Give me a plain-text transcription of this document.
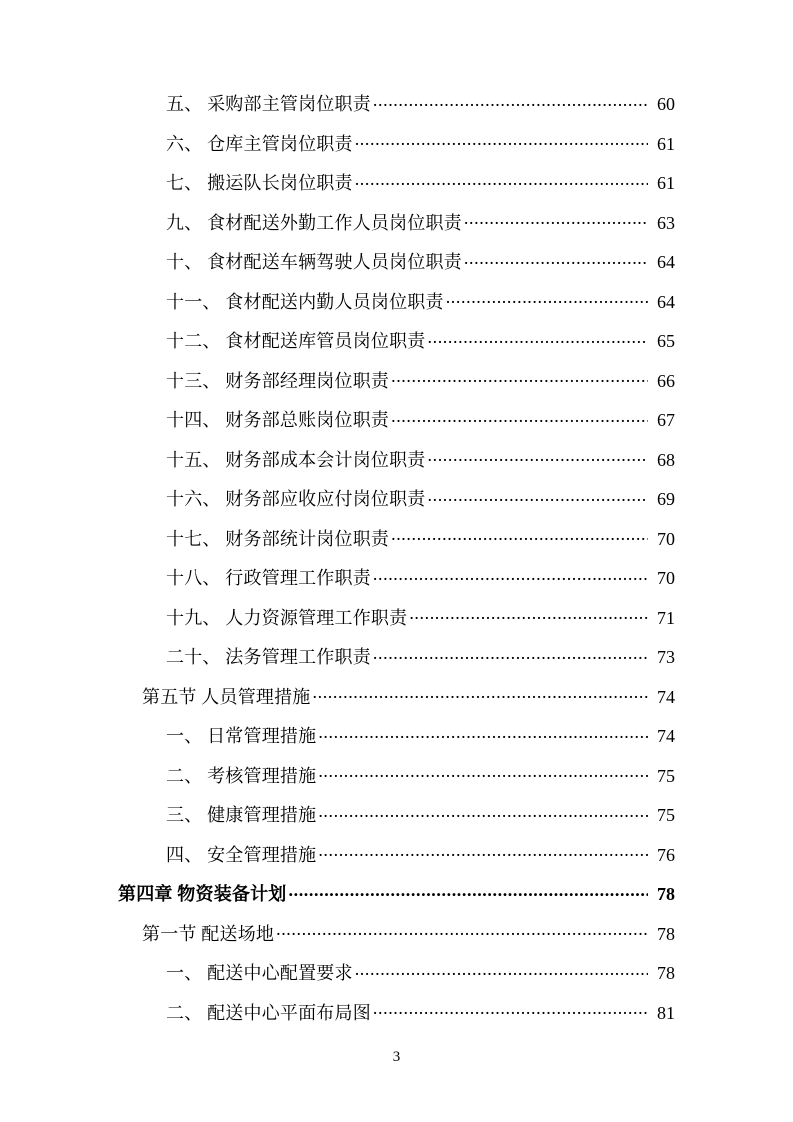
五、 采购部主管岗位职责 .....	60
六、 仓库主管岗位职责 .....	61
七、 搬运队长岗位职责 .....	61
九、 食材配送外勤工作人员岗位职责 .....	63
十、 食材配送车辆驾驶人员岗位职责 .....	64
十一、 食材配送内勤人员岗位职责 .....	64
十二、 食材配送库管员岗位职责 .....	65
十三、 财务部经理岗位职责 .....	66
十四、 财务部总账岗位职责 .....	67
十五、 财务部成本会计岗位职责 .....	68
十六、 财务部应收应付岗位职责 .....	69
十七、 财务部统计岗位职责 .....	70
十八、 行政管理工作职责 .....	70
十九、 人力资源管理工作职责 .....	71
二十、 法务管理工作职责 .....	73
第五节 人员管理措施 .....	74
一、 日常管理措施 .....	74
二、 考核管理措施 .....	75
三、 健康管理措施 .....	75
四、 安全管理措施 .....	76
第四章 物资装备计划 .....	78
第一节 配送场地 .....	78
一、 配送中心配置要求 .....	78
二、 配送中心平面布局图 .....	81
3
